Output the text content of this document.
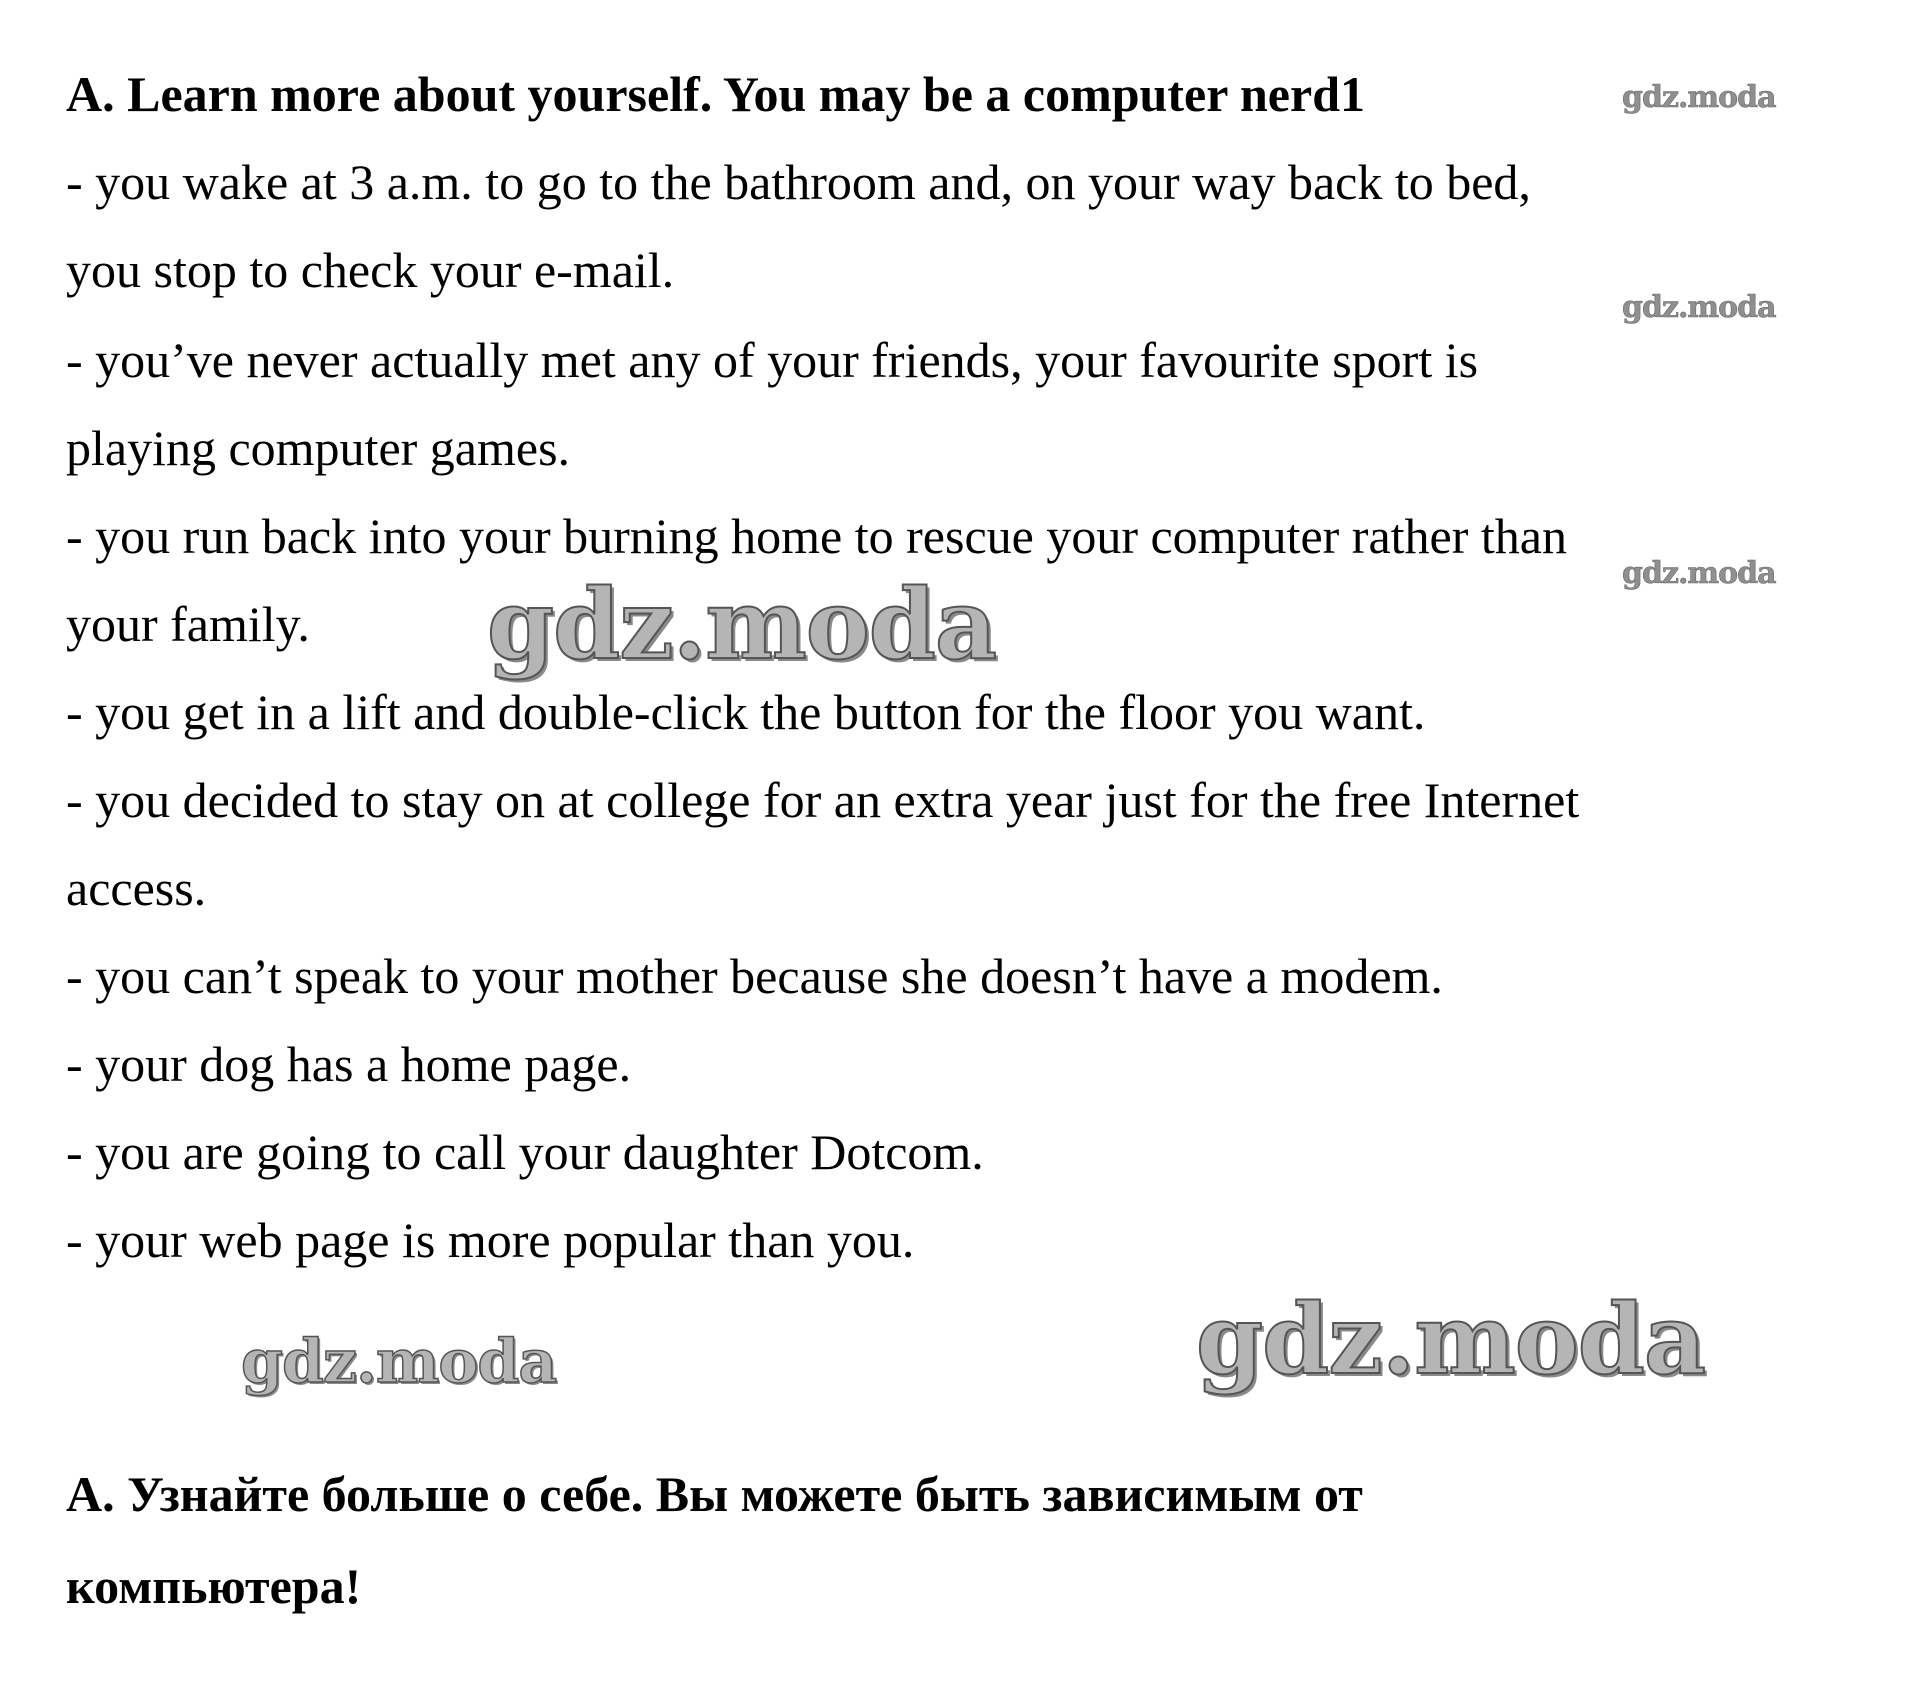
A. Learn more about yourself. You may be a computer nerd1	gdz.moda
- you wake at 3 a.m. to go to the bathroom and, on your way back to bed,
you stop to check your e-mail.
gdz.moda
- you’ve never actually met any of your friends, your favourite sport is
playing computer games.
- you run back into your burning home to rescue your computer rather than
gdz.moda
your family. gdz.moda
- you get in a lift and double-click the button for the floor you want.
- you decided to stay on at college for an extra year just for the free Internet
access.
- you can’t speak to your mother because she doesn’t have a modem.
- your dog has a home page.
- you are going to call your daughter Dotcom.
- your web page is more popular than you.
gdz.moda
gdz.moda
А. Узнайте больше о себе. Вы можете быть зависимым от
компьютера!
